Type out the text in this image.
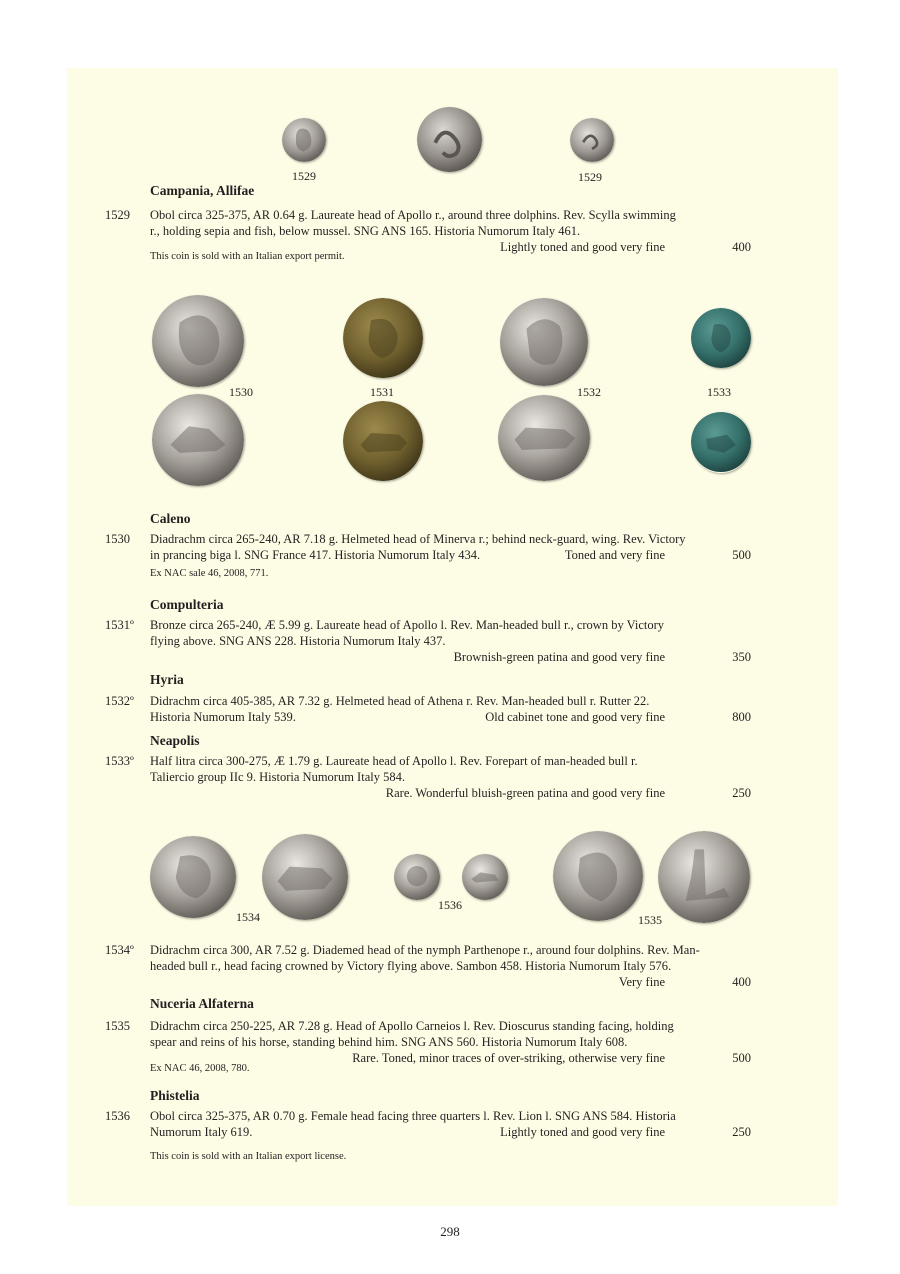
1529	1529
Campania, Allifae
1529 Obol circa 325-375, AR 0.64 g. Laureate head of Apollo r., around three dolphins. Rev. Scylla swimming
r., holding sepia and fish, below mussel. SNG ANS 165. Historia Numorum Italy 461.
Lightly toned and good very fine	400
This coin is sold with an Italian export permit.
1530	1531	1532	1533
Caleno
1530 Diadrachm circa 265-240, AR 7.18 g. Helmeted head of Minerva r.; behind neck-guard, wing. Rev. Victory
in prancing biga l. SNG France 417. Historia Numorum Italy 434.	Toned and very fine	500
Ex NAC sale 46, 2008, 771.
Compulteria
1531º Bronze circa 265-240, Æ 5.99 g. Laureate head of Apollo l. Rev. Man-headed bull r., crown by Victory
flying above. SNG ANS 228. Historia Numorum Italy 437.
Brownish-green patina and good very fine	350
Hyria
1532º Didrachm circa 405-385, AR 7.32 g. Helmeted head of Athena r. Rev. Man-headed bull r. Rutter 22.
Historia Numorum Italy 539.	Old cabinet tone and good very fine	800
Neapolis
1533º Half litra circa 300-275, Æ 1.79 g. Laureate head of Apollo l. Rev. Forepart of man-headed bull r.
Taliercio group IIc 9. Historia Numorum Italy 584.
Rare. Wonderful bluish-green patina and good very fine	250
1534
1536
1535
1534º Didrachm circa 300, AR 7.52 g. Diademed head of the nymph Parthenope r., around four dolphins. Rev. Man-
headed bull r., head facing crowned by Victory flying above. Sambon 458. Historia Numorum Italy 576.
Very fine	400
Nuceria Alfaterna
1535 Didrachm circa 250-225, AR 7.28 g. Head of Apollo Carneios l. Rev. Dioscurus standing facing, holding
spear and reins of his horse, standing behind him. SNG ANS 560. Historia Numorum Italy 608.
Rare. Toned, minor traces of over-striking, otherwise very fine	500
Ex NAC 46, 2008, 780.
Phistelia
1536 Obol circa 325-375, AR 0.70 g. Female head facing three quarters l. Rev. Lion l. SNG ANS 584. Historia
Numorum Italy 619.	Lightly toned and good very fine	250
This coin is sold with an Italian export license.
298
